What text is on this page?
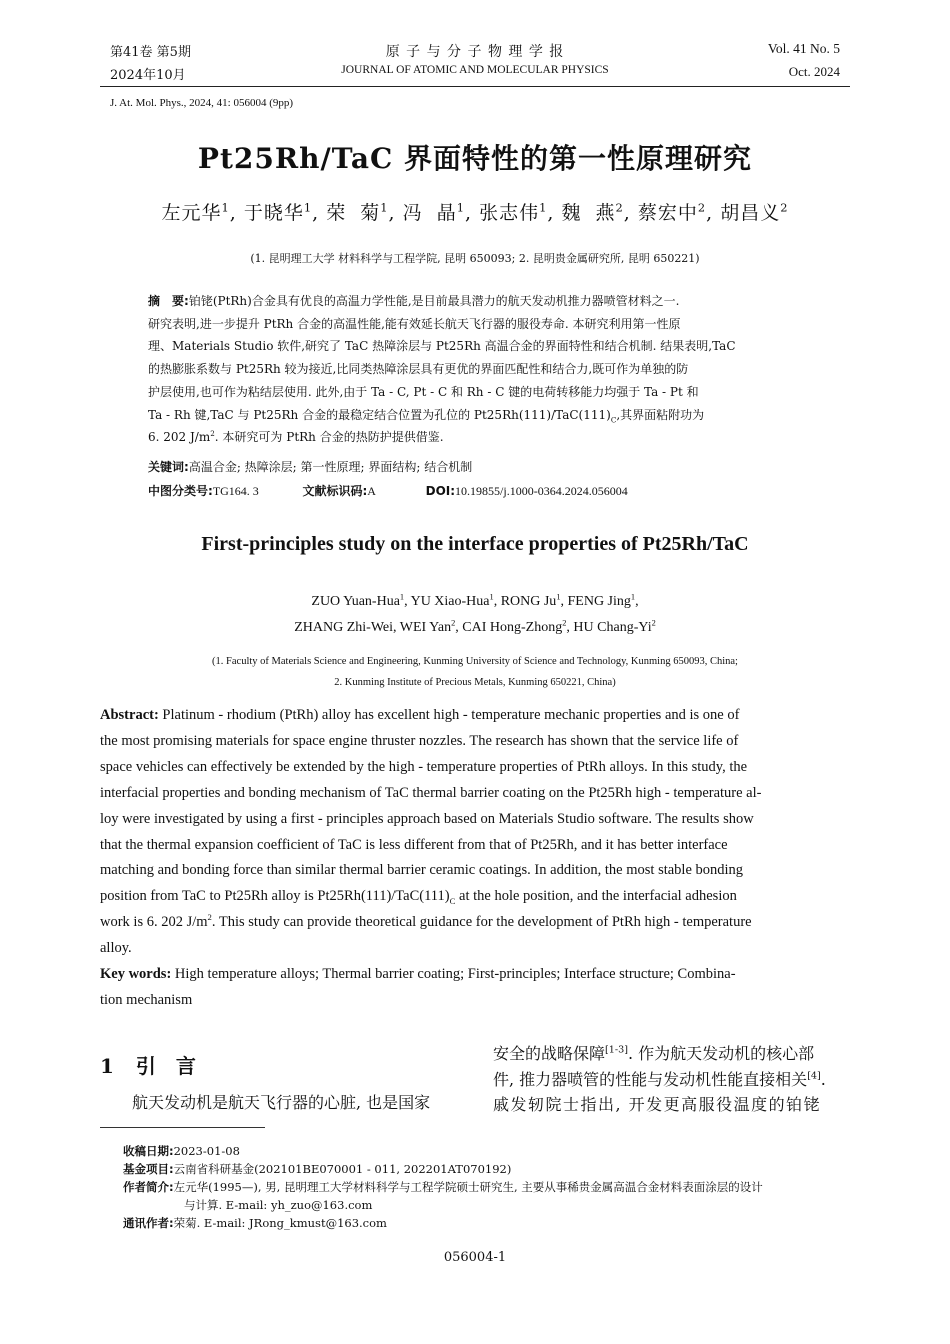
第41卷 第5期
2024年10月
原 子 与 分 子 物 理 学 报
JOURNAL OF ATOMIC AND MOLECULAR PHYSICS
Vol. 41 No. 5
Oct. 2024
J. At. Mol. Phys., 2024, 41: 056004 (9pp)
Pt25Rh/TaC 界面特性的第一性原理研究
左元华$^1$, 于晓华$^1$, 荣  菊$^1$, 冯  晶$^1$, 张志伟$^1$, 魏  燕$^2$, 蔡宏中$^2$, 胡昌义$^2$
(1. 昆明理工大学 材料科学与工程学院, 昆明 650093; 2. 昆明贵金属研究所, 昆明 650221)
摘　要:铂铑(PtRh)合金具有优良的高温力学性能,是目前最具潜力的航天发动机推力器喷管材料之一.
研究表明,进一步提升 PtRh 合金的高温性能,能有效延长航天飞行器的服役寿命. 本研究利用第一性原
理、Materials Studio 软件,研究了 TaC 热障涂层与 Pt25Rh 高温合金的界面特性和结合机制. 结果表明,TaC
的热膨胀系数与 Pt25Rh 较为接近,比同类热障涂层具有更优的界面匹配性和结合力,既可作为单独的防
护层使用,也可作为粘结层使用. 此外,由于 Ta - C, Pt - C 和 Rh - C 键的电荷转移能力均强于 Ta - Pt 和
Ta - Rh 键,TaC 与 Pt25Rh 合金的最稳定结合位置为孔位的 $Pt25Rh(111)/TaC(111)_C$,其界面粘附功为
6. 202 $J/m^2$. 本研究可为 PtRh 合金的热防护提供借鉴.
关键词:高温合金; 热障涂层; 第一性原理; 界面结构; 结合机制
中图分类号:TG164. 3	文献标识码:A	DOI:10.19855/j.1000-0364.2024.056004
First-principles study on the interface properties of Pt25Rh/TaC
ZUO Yuan-Hua$^1$, YU Xiao-Hua$^1$, RONG Ju$^1$, FENG Jing$^1$,
ZHANG Zhi-Wei, WEI Yan$^2$, CAI Hong-Zhong$^2$, HU Chang-Yi$^2$
(1. Faculty of Materials Science and Engineering, Kunming University of Science and Technology, Kunming 650093, China;
2. Kunming Institute of Precious Metals, Kunming 650221, China)
Abstract: Platinum - rhodium (PtRh) alloy has excellent high - temperature mechanic properties and is one of
the most promising materials for space engine thruster nozzles. The research has shown that the service life of
space vehicles can effectively be extended by the high - temperature properties of PtRh alloys. In this study, the
interfacial properties and bonding mechanism of TaC thermal barrier coating on the Pt25Rh high - temperature al-
loy were investigated by using a first - principles approach based on Materials Studio software. The results show
that the thermal expansion coefficient of TaC is less different from that of Pt25Rh, and it has better interface
matching and bonding force than similar thermal barrier ceramic coatings. In addition, the most stable bonding
position from TaC to Pt25Rh alloy is $Pt25Rh(111)/TaC(111)_C$ at the hole position, and the interfacial adhesion
work is 6. 202 $J/m^2$. This study can provide theoretical guidance for the development of PtRh high - temperature
alloy.
Key words: High temperature alloys; Thermal barrier coating; First-principles; Interface structure; Combina-
tion mechanism
1 引　言
航天发动机是航天飞行器的心脏, 也是国家
安全的战略保障[1-3]. 作为航天发动机的核心部
件, 推力器喷管的性能与发动机性能直接相关[4].
戚发轫院士指出, 开发更高服役温度的铂铑
收稿日期:2023-01-08
基金项目:云南省科研基金(202101BE070001 - 011, 202201AT070192)
作者简介:左元华(1995—), 男, 昆明理工大学材料科学与工程学院硕士研究生, 主要从事稀贵金属高温合金材料表面涂层的设计
与计算. E-mail: yh_zuo@163.com
通讯作者:荣菊. E-mail: JRong_kmust@163.com
056004-1
